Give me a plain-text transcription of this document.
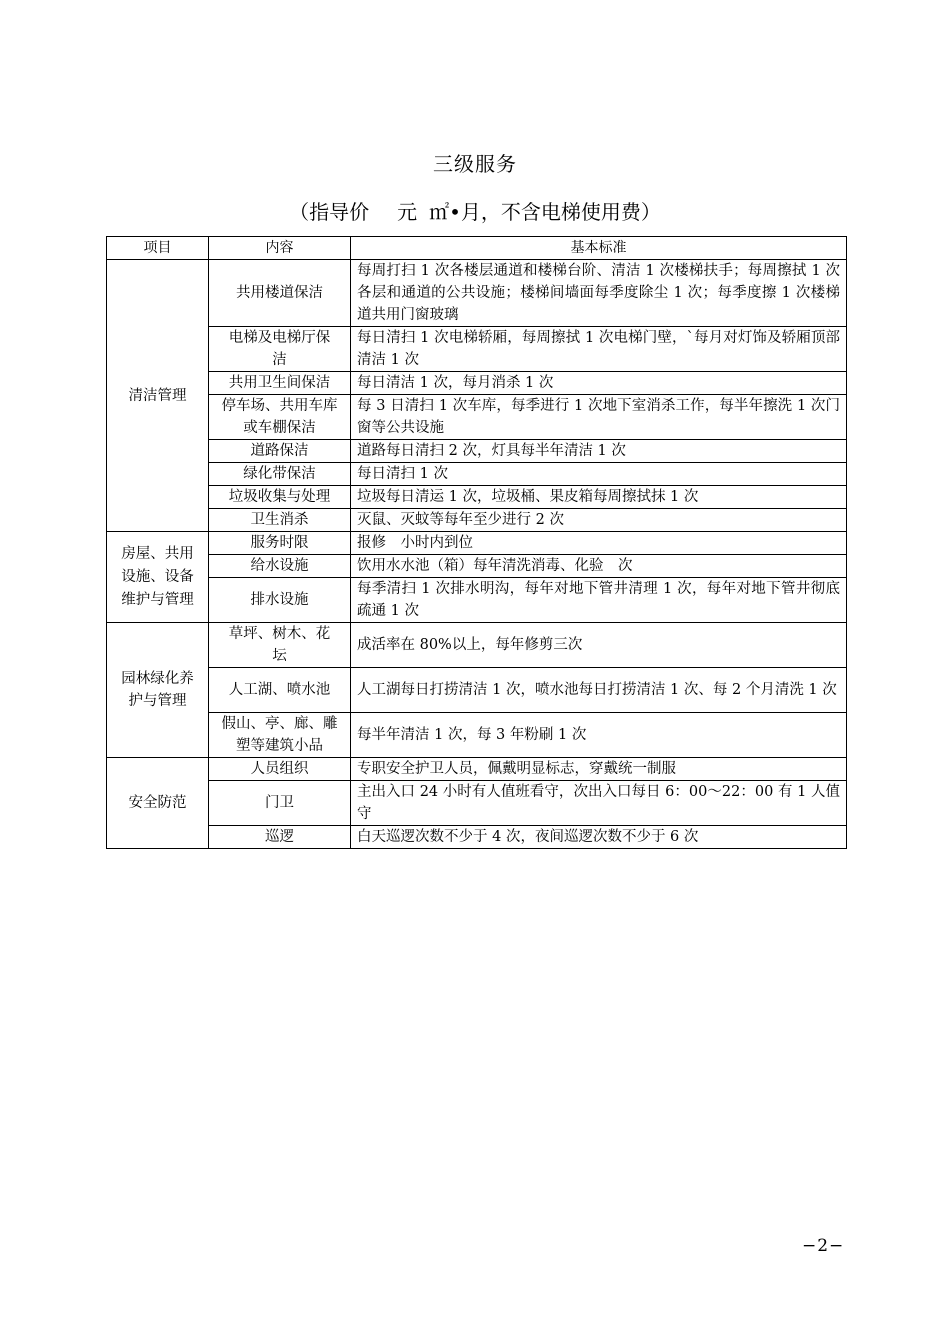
三级服务
（指导价 元 ㎡•月，不含电梯使用费）
项目	内容	基本标准
清洁管理	共用楼道保洁	每周打扫 1 次各楼层通道和楼梯台阶、清洁 1 次楼梯扶手；每周擦拭 1 次各层和通道的公共设施；楼梯间墙面每季度除尘 1 次；每季度擦 1 次楼梯道共用门窗玻璃
	电梯及电梯厅保洁	每日清扫 1 次电梯轿厢，每周擦拭 1 次电梯门壁，`每月对灯饰及轿厢顶部清洁 1 次
	共用卫生间保洁	每日清洁 1 次，每月消杀 1 次
	停车场、共用车库或车棚保洁	每 3 日清扫 1 次车库，每季进行 1 次地下室消杀工作，每半年擦洗 1 次门窗等公共设施
	道路保洁	道路每日清扫 2 次，灯具每半年清洁 1 次
	绿化带保洁	每日清扫 1 次
	垃圾收集与处理	垃圾每日清运 1 次，垃圾桶、果皮箱每周擦拭抹 1 次
	卫生消杀	灭鼠、灭蚊等每年至少进行 2 次
房屋、共用设施、设备维护与管理	服务时限	报修　小时内到位
	给水设施	饮用水水池（箱）每年清洗消毒、化验　次
	排水设施	每季清扫 1 次排水明沟，每年对地下管井清理 1 次，每年对地下管井彻底疏通 1 次
园林绿化养护与管理	草坪、树木、花坛	成活率在 80%以上，每年修剪三次
	人工湖、喷水池	人工湖每日打捞清洁 1 次，喷水池每日打捞清洁 1 次、每 2 个月清洗 1 次
	假山、亭、廊、雕塑等建筑小品	每半年清洁 1 次，每 3 年粉刷 1 次
安全防范	人员组织	专职安全护卫人员，佩戴明显标志，穿戴统一制服
	门卫	主出入口 24 小时有人值班看守，次出入口每日 6：00～22：00 有 1 人值守
	巡逻	白天巡逻次数不少于 4 次，夜间巡逻次数不少于 6 次
−2−
